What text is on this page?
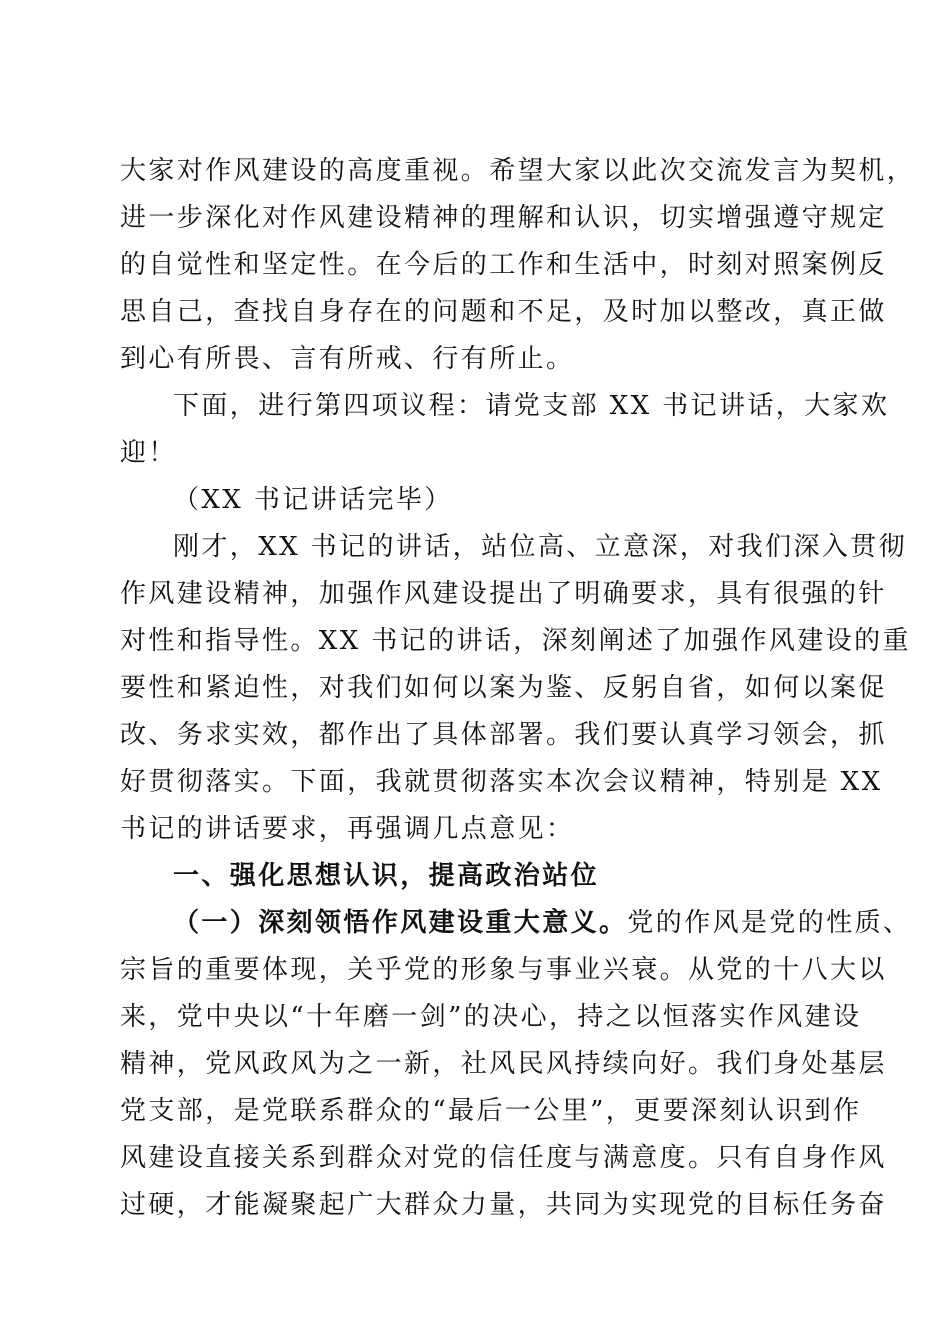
大家对作风建设的高度重视。希望大家以此次交流发言为契机，
进一步深化对作风建设精神的理解和认识，切实增强遵守规定
的自觉性和坚定性。在今后的工作和生活中，时刻对照案例反
思自己，查找自身存在的问题和不足，及时加以整改，真正做
到心有所畏、言有所戒、行有所止。
下面，进行第四项议程：请党支部 XX 书记讲话，大家欢
迎！
（XX 书记讲话完毕）
刚才，XX 书记的讲话，站位高、立意深，对我们深入贯彻
作风建设精神，加强作风建设提出了明确要求，具有很强的针
对性和指导性。XX 书记的讲话，深刻阐述了加强作风建设的重
要性和紧迫性，对我们如何以案为鉴、反躬自省，如何以案促
改、务求实效，都作出了具体部署。我们要认真学习领会，抓
好贯彻落实。下面，我就贯彻落实本次会议精神，特别是 XX
书记的讲话要求，再强调几点意见：
一、强化思想认识，提高政治站位
（一）深刻领悟作风建设重大意义。党的作风是党的性质、
宗旨的重要体现，关乎党的形象与事业兴衰。从党的十八大以
来，党中央以“十年磨一剑”的决心，持之以恒落实作风建设
精神，党风政风为之一新，社风民风持续向好。我们身处基层
党支部，是党联系群众的“最后一公里”，更要深刻认识到作
风建设直接关系到群众对党的信任度与满意度。只有自身作风
过硬，才能凝聚起广大群众力量，共同为实现党的目标任务奋
